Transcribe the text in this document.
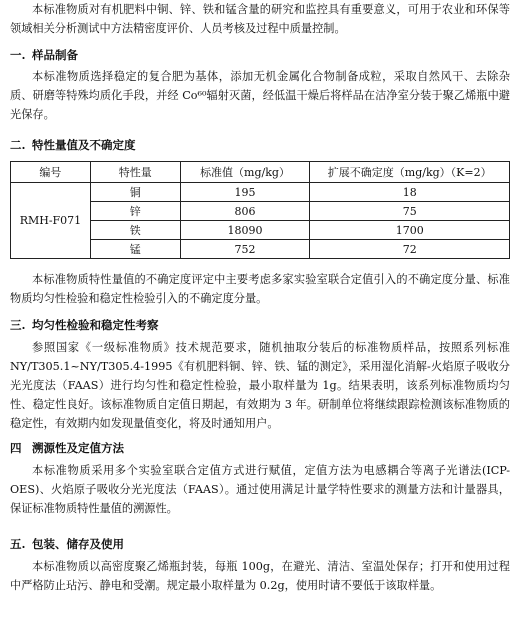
本标准物质对有机肥料中铜、锌、铁和锰含量的研究和监控具有重要意义，可用于农业和环保等领域相关分析测试中方法精密度评价、人员考核及过程中质量控制。

一. 样品制备

本标准物质选择稳定的复合肥为基体，添加无机金属化合物制备成粒，采取自然风干、去除杂质、研磨等特殊均质化手段，并经 Co⁶⁰辐射灭菌，经低温干燥后将样品在洁净室分装于聚乙烯瓶中避光保存。

二. 特性量值及不确定度
编号	特性量	标准值（mg/kg）	扩展不确定度（mg/kg）（K=2）
RMH-F071	铜	195	18
	锌	806	75
	铁	18090	1700
	锰	752	72

本标准物质特性量值的不确定度评定中主要考虑多家实验室联合定值引入的不确定度分量、标准物质均匀性检验和稳定性检验引入的不确定度分量。

三. 均匀性检验和稳定性考察

参照国家《一级标准物质》技术规范要求，随机抽取分装后的标准物质样品，按照系列标准 NY/T305.1~NY/T305.4-1995《有机肥料铜、锌、铁、锰的测定》，采用湿化消解-火焰原子吸收分光光度法（FAAS）进行均匀性和稳定性检验，最小取样量为 1g。结果表明，该系列标准物质均匀性、稳定性良好。该标准物质自定值日期起，有效期为 3 年。研制单位将继续跟踪检测该标准物质的稳定性，有效期内如发现量值变化，将及时通知用户。

四 溯源性及定值方法

本标准物质采用多个实验室联合定值方式进行赋值，定值方法为电感耦合等离子光谱法(ICP-OES)、火焰原子吸收分光光度法（FAAS）。通过使用满足计量学特性要求的测量方法和计量器具，保证标准物质特性量值的溯源性。

五. 包装、储存及使用

本标准物质以高密度聚乙烯瓶封装，每瓶 100g，在避光、清洁、室温处保存；打开和使用过程中严格防止玷污、静电和受潮。规定最小取样量为 0.2g，使用时请不要低于该取样量。
